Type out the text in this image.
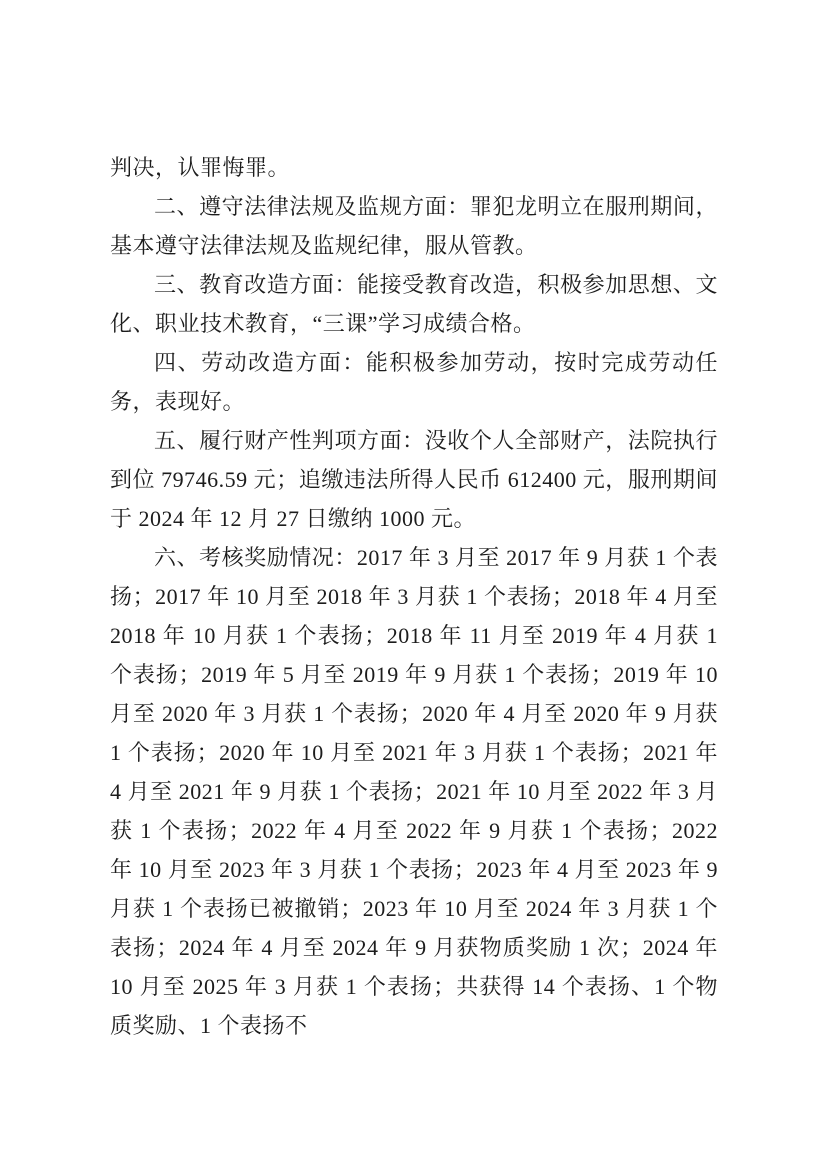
判决，认罪悔罪。

二、遵守法律法规及监规方面：罪犯龙明立在服刑期间，基本遵守法律法规及监规纪律，服从管教。

三、教育改造方面：能接受教育改造，积极参加思想、文化、职业技术教育，“三课”学习成绩合格。

四、劳动改造方面：能积极参加劳动，按时完成劳动任务，表现好。

五、履行财产性判项方面：没收个人全部财产，法院执行到位 79746.59 元；追缴违法所得人民币 612400 元，服刑期间于 2024 年 12 月 27 日缴纳 1000 元。

六、考核奖励情况：2017 年 3 月至 2017 年 9 月获 1 个表扬；2017 年 10 月至 2018 年 3 月获 1 个表扬；2018 年 4 月至 2018 年 10 月获 1 个表扬；2018 年 11 月至 2019 年 4 月获 1 个表扬；2019 年 5 月至 2019 年 9 月获 1 个表扬；2019 年 10 月至 2020 年 3 月获 1 个表扬；2020 年 4 月至 2020 年 9 月获 1 个表扬；2020 年 10 月至 2021 年 3 月获 1 个表扬；2021 年 4 月至 2021 年 9 月获 1 个表扬；2021 年 10 月至 2022 年 3 月获 1 个表扬；2022 年 4 月至 2022 年 9 月获 1 个表扬；2022 年 10 月至 2023 年 3 月获 1 个表扬；2023 年 4 月至 2023 年 9 月获 1 个表扬已被撤销；2023 年 10 月至 2024 年 3 月获 1 个表扬；2024 年 4 月至 2024 年 9 月获物质奖励 1 次；2024 年 10 月至 2025 年 3 月获 1 个表扬；共获得 14 个表扬、1 个物质奖励、1 个表扬不
